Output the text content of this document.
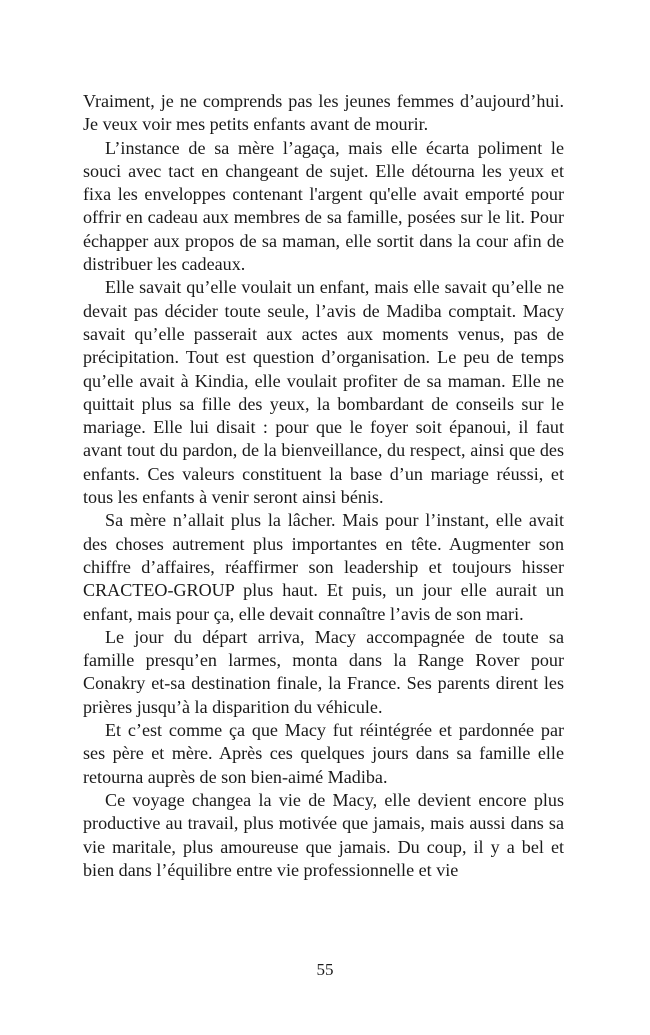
Vraiment, je ne comprends pas les jeunes femmes d’aujourd’hui. Je veux voir mes petits enfants avant de mourir.

L’instance de sa mère l’agaça, mais elle écarta poliment le souci avec tact en changeant de sujet. Elle détourna les yeux et fixa les enveloppes contenant l'argent qu'elle avait emporté pour offrir en cadeau aux membres de sa famille, posées sur le lit. Pour échapper aux propos de sa maman, elle sortit dans la cour afin de distribuer les cadeaux.

Elle savait qu’elle voulait un enfant, mais elle savait qu’elle ne devait pas décider toute seule, l’avis de Madiba comptait. Macy savait qu’elle passerait aux actes aux moments venus, pas de précipitation. Tout est question d’organisation. Le peu de temps qu’elle avait à Kindia, elle voulait profiter de sa maman. Elle ne quittait plus sa fille des yeux, la bombardant de conseils sur le mariage. Elle lui disait : pour que le foyer soit épanoui, il faut avant tout du pardon, de la bienveillance, du respect, ainsi que des enfants. Ces valeurs constituent la base d’un mariage réussi, et tous les enfants à venir seront ainsi bénis.

Sa mère n’allait plus la lâcher. Mais pour l’instant, elle avait des choses autrement plus importantes en tête. Augmenter son chiffre d’affaires, réaffirmer son leadership et toujours hisser CRACTEO-GROUP plus haut. Et puis, un jour elle aurait un enfant, mais pour ça, elle devait connaître l’avis de son mari.

Le jour du départ arriva, Macy accompagnée de toute sa famille presqu’en larmes, monta dans la Range Rover pour Conakry et-sa destination finale, la France. Ses parents dirent les prières jusqu’à la disparition du véhicule.

Et c’est comme ça que Macy fut réintégrée et pardonnée par ses père et mère. Après ces quelques jours dans sa famille elle retourna auprès de son bien-aimé Madiba.

Ce voyage changea la vie de Macy, elle devient encore plus productive au travail, plus motivée que jamais, mais aussi dans sa vie maritale, plus amoureuse que jamais. Du coup, il y a bel et bien dans l’équilibre entre vie professionnelle et vie

55
